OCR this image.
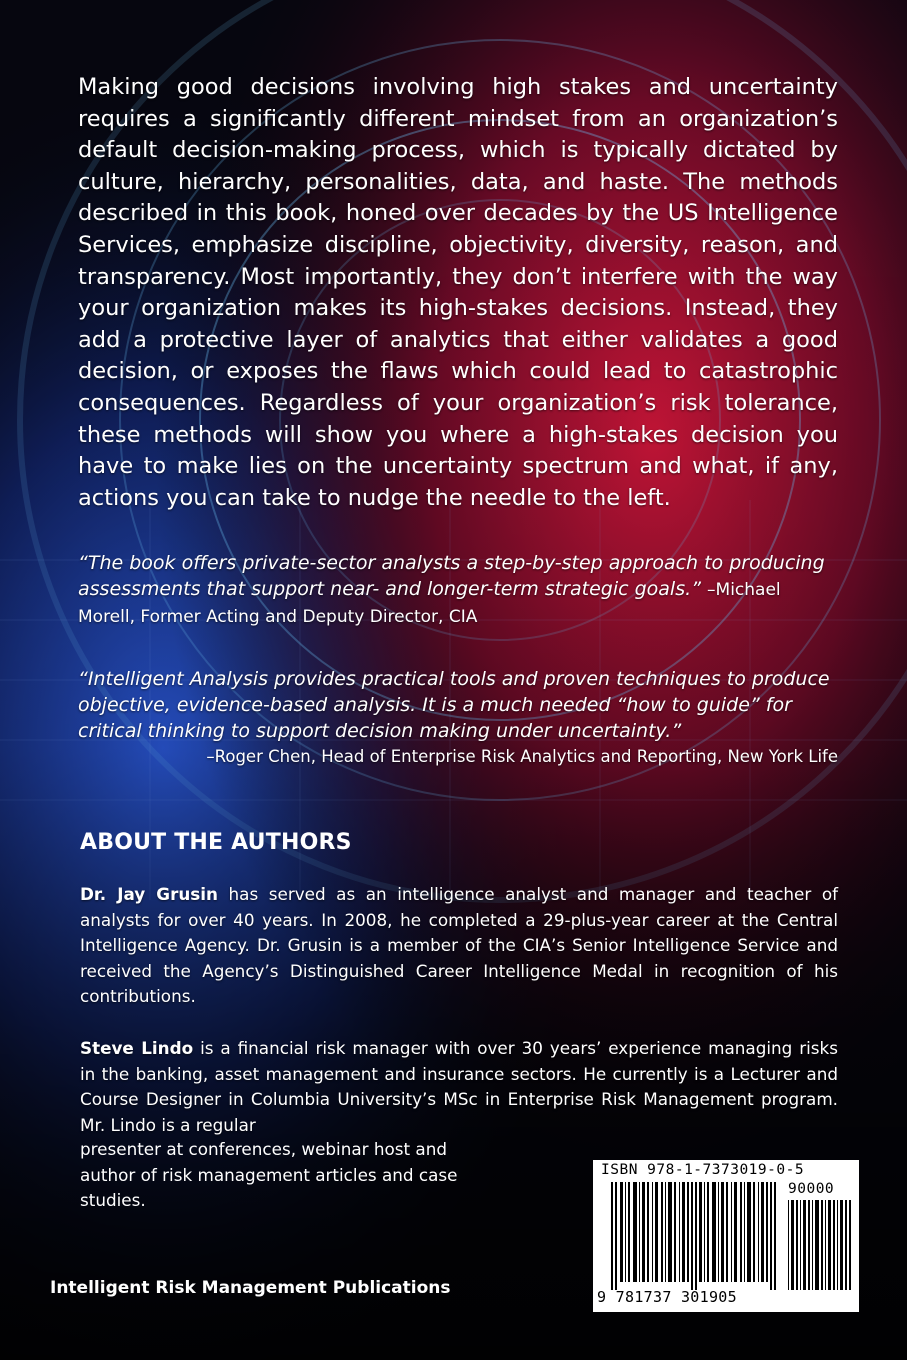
Making good decisions involving high stakes and uncertainty requires a significantly different mindset from an organization’s default decision-making process, which is typically dictated by culture, hierarchy, personalities, data, and haste. The methods described in this book, honed over decades by the US Intelligence Services, emphasize discipline, objectivity, diversity, reason, and transparency. Most importantly, they don’t interfere with the way your organization makes its high-stakes decisions. Instead, they add a protective layer of analytics that either validates a good decision, or exposes the flaws which could lead to catastrophic consequences. Regardless of your organization’s risk tolerance, these methods will show you where a high-stakes decision you have to make lies on the uncertainty spectrum and what, if any, actions you can take to nudge the needle to the left.
“The book offers private-sector analysts a step-by-step approach to producing assessments that support near- and longer-term strategic goals.” –Michael Morell, Former Acting and Deputy Director, CIA
“Intelligent Analysis provides practical tools and proven techniques to produce objective, evidence-based analysis. It is a much needed “how to guide” for critical thinking to support decision making under uncertainty.”
–Roger Chen, Head of Enterprise Risk Analytics and Reporting, New York Life
ABOUT THE AUTHORS
Dr. Jay Grusin has served as an intelligence analyst and manager and teacher of analysts for over 40 years. In 2008, he completed a 29-plus-year career at the Central Intelligence Agency. Dr. Grusin is a member of the CIA’s Senior Intelligence Service and received the Agency’s Distinguished Career Intelligence Medal in recognition of his contributions.
Steve Lindo is a financial risk manager with over 30 years’ experience managing risks in the banking, asset management and insurance sectors. He currently is a Lecturer and Course Designer in Columbia University’s MSc in Enterprise Risk Management program. Mr. Lindo is a regular
presenter at conferences, webinar host and author of risk management articles and case studies.
Intelligent Risk Management Publications
ISBN 978-1-7373019-0-5
90000
9 781737 301905
